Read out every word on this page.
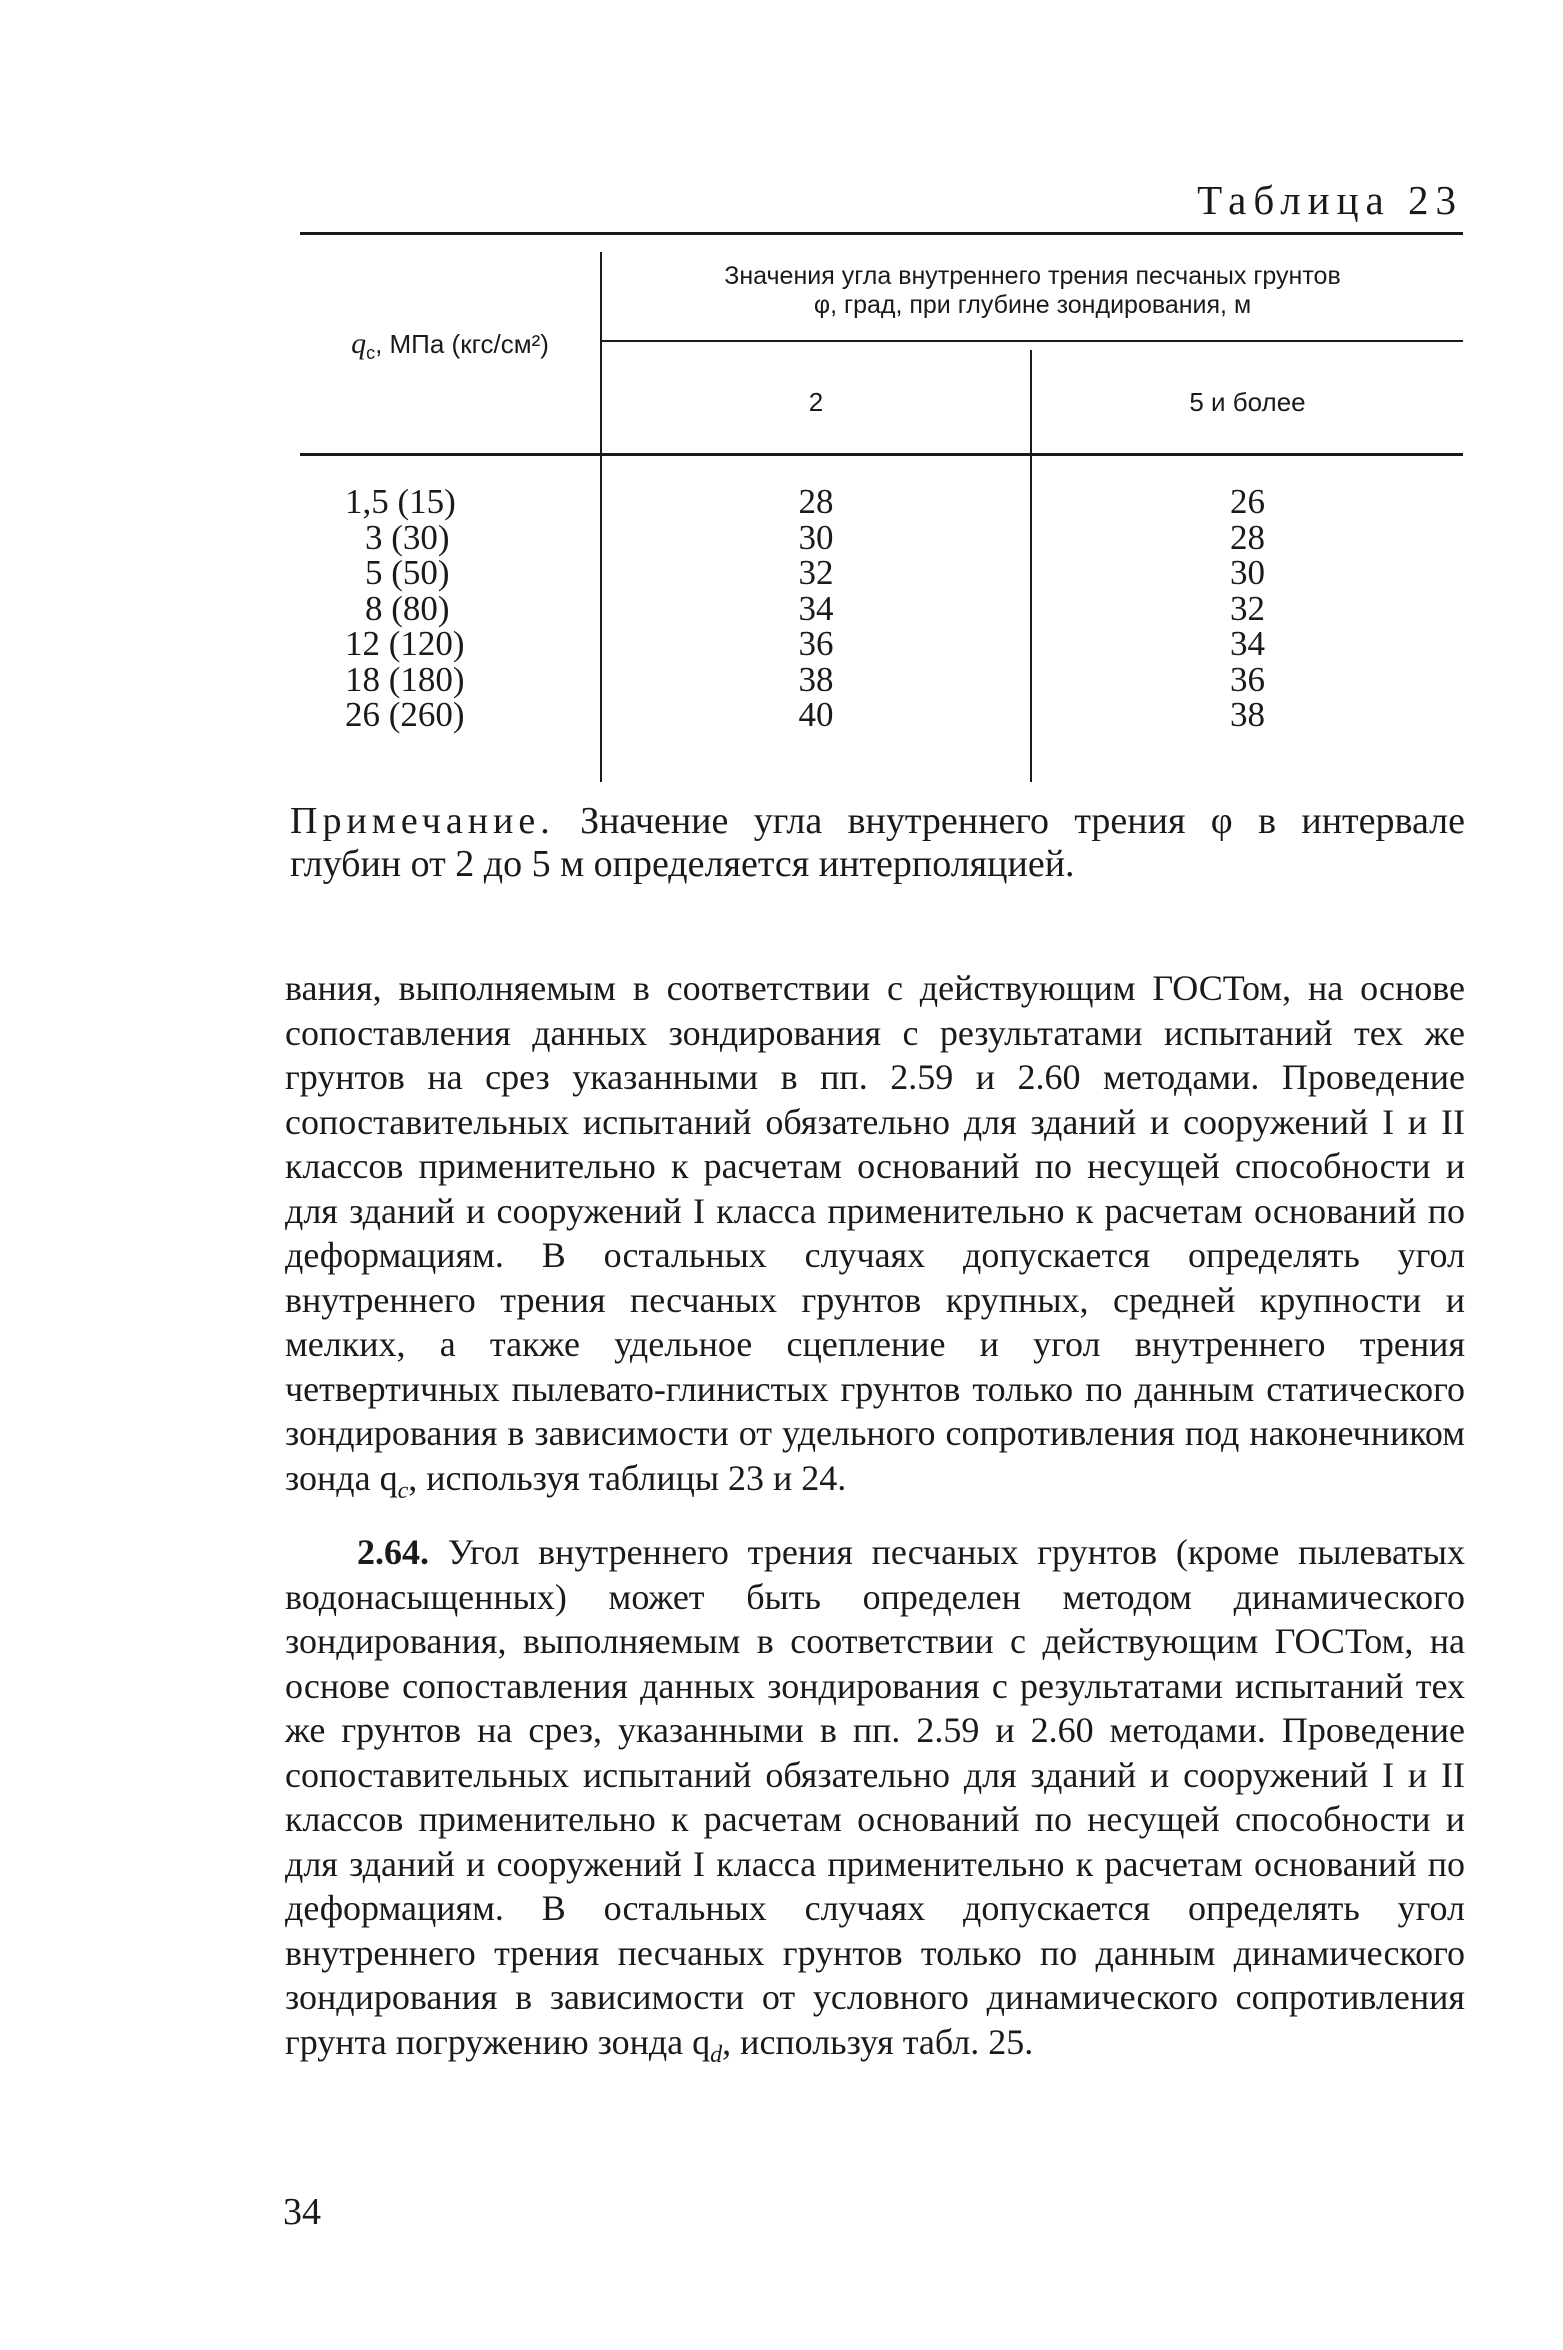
Таблица 23
$q_c$, МПа (кгс/см²)
Значения угла внутреннего трения песчаных грунтов
φ, град, при глубине зондирования, м
2	5 и более
1,5 (15)
3 (30)
5 (50)
8 (80)
12 (120)
18 (180)
26 (260)
28
30
32
34
36
38
40
26
28
30
32
34
36
38
Примечание. Значение угла внутреннего трения φ в интервале глубин от 2 до 5 м определяется интерполяцией.
вания, выполняемым в соответствии с действующим ГОСТом, на основе сопоставления данных зондирования с результатами испытаний тех же грунтов на срез указанными в пп. 2.59 и 2.60 методами. Проведение сопоставительных испытаний обязательно для зданий и сооружений I и II классов применительно к расчетам оснований по несущей способности и для зданий и сооружений I класса применительно к расчетам оснований по деформациям. В остальных случаях допускается определять угол внутреннего трения песчаных грунтов крупных, средней крупности и мелких, а также удельное сцепление и угол внутреннего трения четвертичных пылевато-глинистых грунтов только по данным статического зондирования в зависимости от удельного сопротивления под наконечником зонда $q_c$, используя таблицы 23 и 24.
2.64. Угол внутреннего трения песчаных грунтов (кроме пылеватых водонасыщенных) может быть определен методом динамического зондирования, выполняемым в соответствии с действующим ГОСТом, на основе сопоставления данных зондирования с результатами испытаний тех же грунтов на срез, указанными в пп. 2.59 и 2.60 методами. Проведение сопоставительных испытаний обязательно для зданий и сооружений I и II классов применительно к расчетам оснований по несущей способности и для зданий и сооружений I класса применительно к расчетам оснований по деформациям. В остальных случаях допускается определять угол внутреннего трения песчаных грунтов только по данным динамического зондирования в зависимости от условного динамического сопротивления грунта погружению зонда $q_d$, используя табл. 25.
34
